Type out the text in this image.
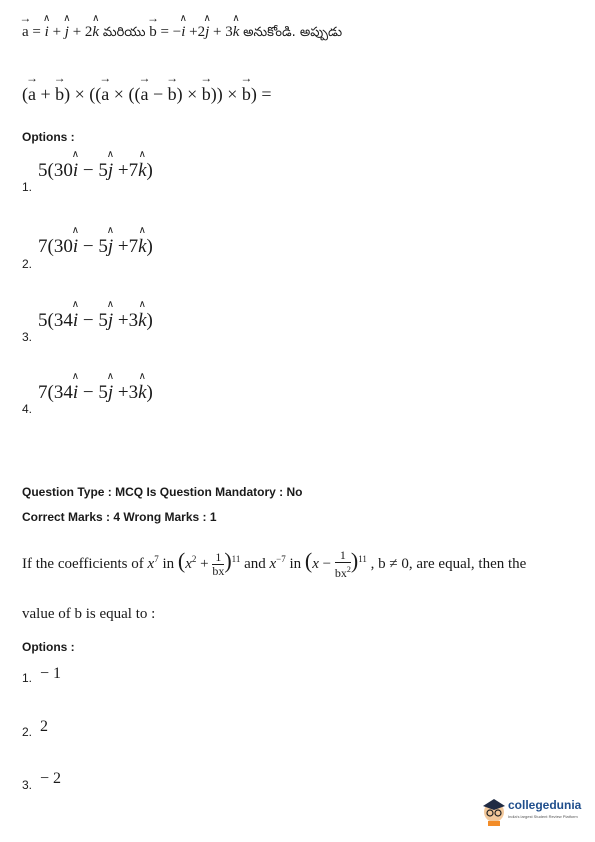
→ a = ∧ i + ∧ j + 2∧ k మరియు → b = −∧ i +2∧ j + 3∧ k అనుకోండి. అప్పుడు
(→ a + → b) × ((→ a × ((→ a − → b) × → b)) × → b) =
Options :
1.
5(30∧ i − 5∧ j +7∧ k)
2.
7(30∧ i − 5∧ j +7∧ k)
3.
5(34∧ i − 5∧ j +3∧ k)
4.
7(34∧ i − 5∧ j +3∧ k)
Question Type : MCQ Is Question Mandatory : No
Correct Marks : 4 Wrong Marks : 1
If the coefficients of $x^7$ in $(x^2 + \frac{1}{bx} )^{11}$ and $x^{-7}$ in $(x - \frac{1}{bx^2} )^{11}$ , b ≠ 0, are equal, then the
value of b is equal to :
Options :
1. − 1
2. 2
3. − 2
collegedunia
India's largest Student Review Platform
